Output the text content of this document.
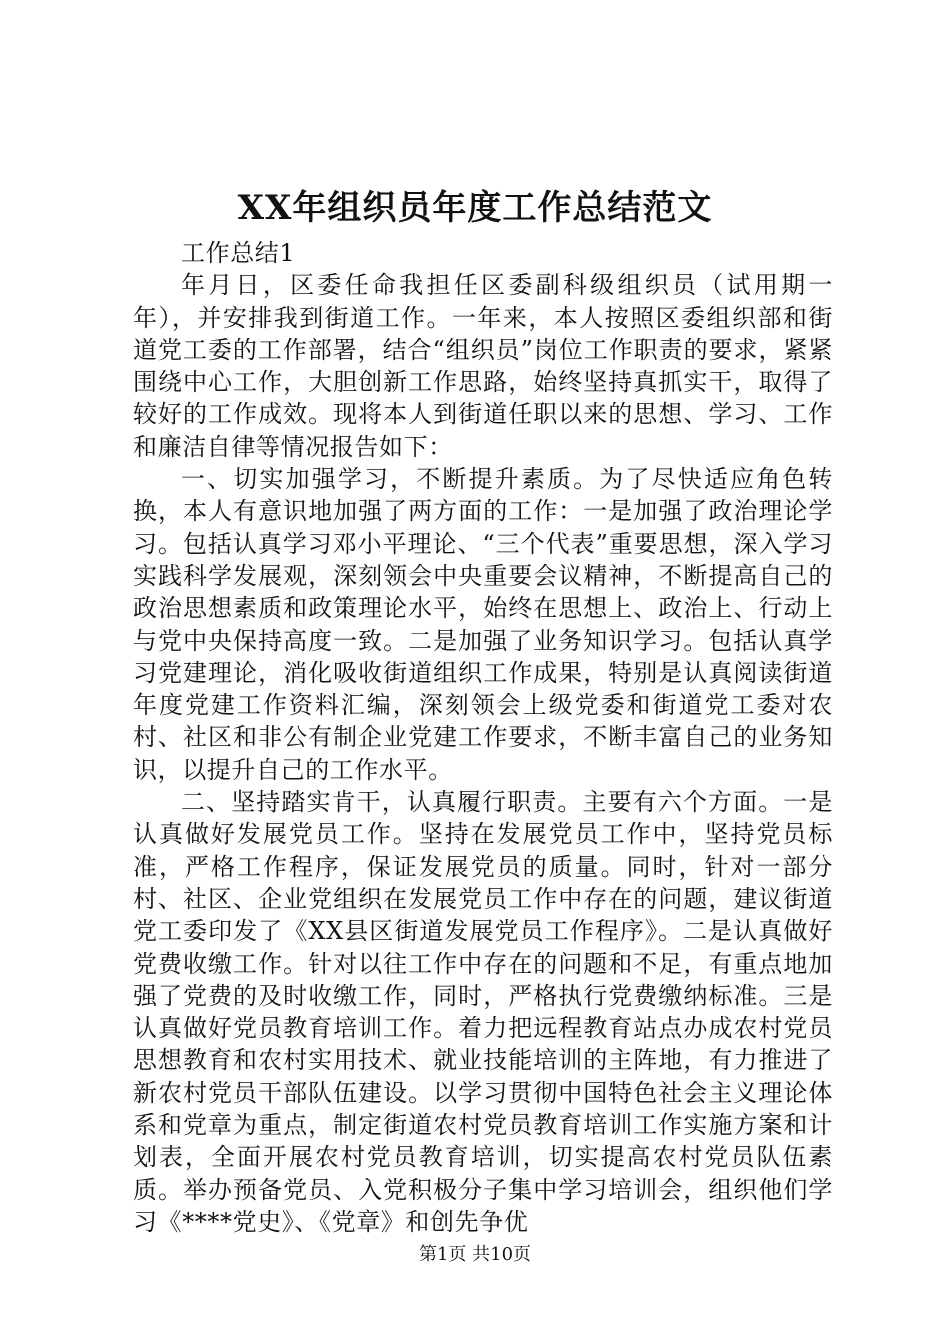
XX年组织员年度工作总结范文

工作总结1

年月日，区委任命我担任区委副科级组织员（试用期一年），并安排我到街道工作。一年来，本人按照区委组织部和街道党工委的工作部署，结合“组织员”岗位工作职责的要求，紧紧围绕中心工作，大胆创新工作思路，始终坚持真抓实干，取得了较好的工作成效。现将本人到街道任职以来的思想、学习、工作和廉洁自律等情况报告如下：

一、切实加强学习，不断提升素质。为了尽快适应角色转换，本人有意识地加强了两方面的工作：一是加强了政治理论学习。包括认真学习邓小平理论、“三个代表”重要思想，深入学习实践科学发展观，深刻领会中央重要会议精神，不断提高自己的政治思想素质和政策理论水平，始终在思想上、政治上、行动上与党中央保持高度一致。二是加强了业务知识学习。包括认真学习党建理论，消化吸收街道组织工作成果，特别是认真阅读街道年度党建工作资料汇编，深刻领会上级党委和街道党工委对农村、社区和非公有制企业党建工作要求，不断丰富自己的业务知识，以提升自己的工作水平。

二、坚持踏实肯干，认真履行职责。主要有六个方面。一是认真做好发展党员工作。坚持在发展党员工作中，坚持党员标准，严格工作程序，保证发展党员的质量。同时，针对一部分村、社区、企业党组织在发展党员工作中存在的问题，建议街道党工委印发了《XX县区街道发展党员工作程序》。二是认真做好党费收缴工作。针对以往工作中存在的问题和不足，有重点地加强了党费的及时收缴工作，同时，严格执行党费缴纳标准。三是认真做好党员教育培训工作。着力把远程教育站点办成农村党员思想教育和农村实用技术、就业技能培训的主阵地，有力推进了新农村党员干部队伍建设。以学习贯彻中国特色社会主义理论体系和党章为重点，制定街道农村党员教育培训工作实施方案和计划表，全面开展农村党员教育培训，切实提高农村党员队伍素质。举办预备党员、入党积极分子集中学习培训会，组织他们学习《****党史》、《党章》和创先争优

第1页 共10页
